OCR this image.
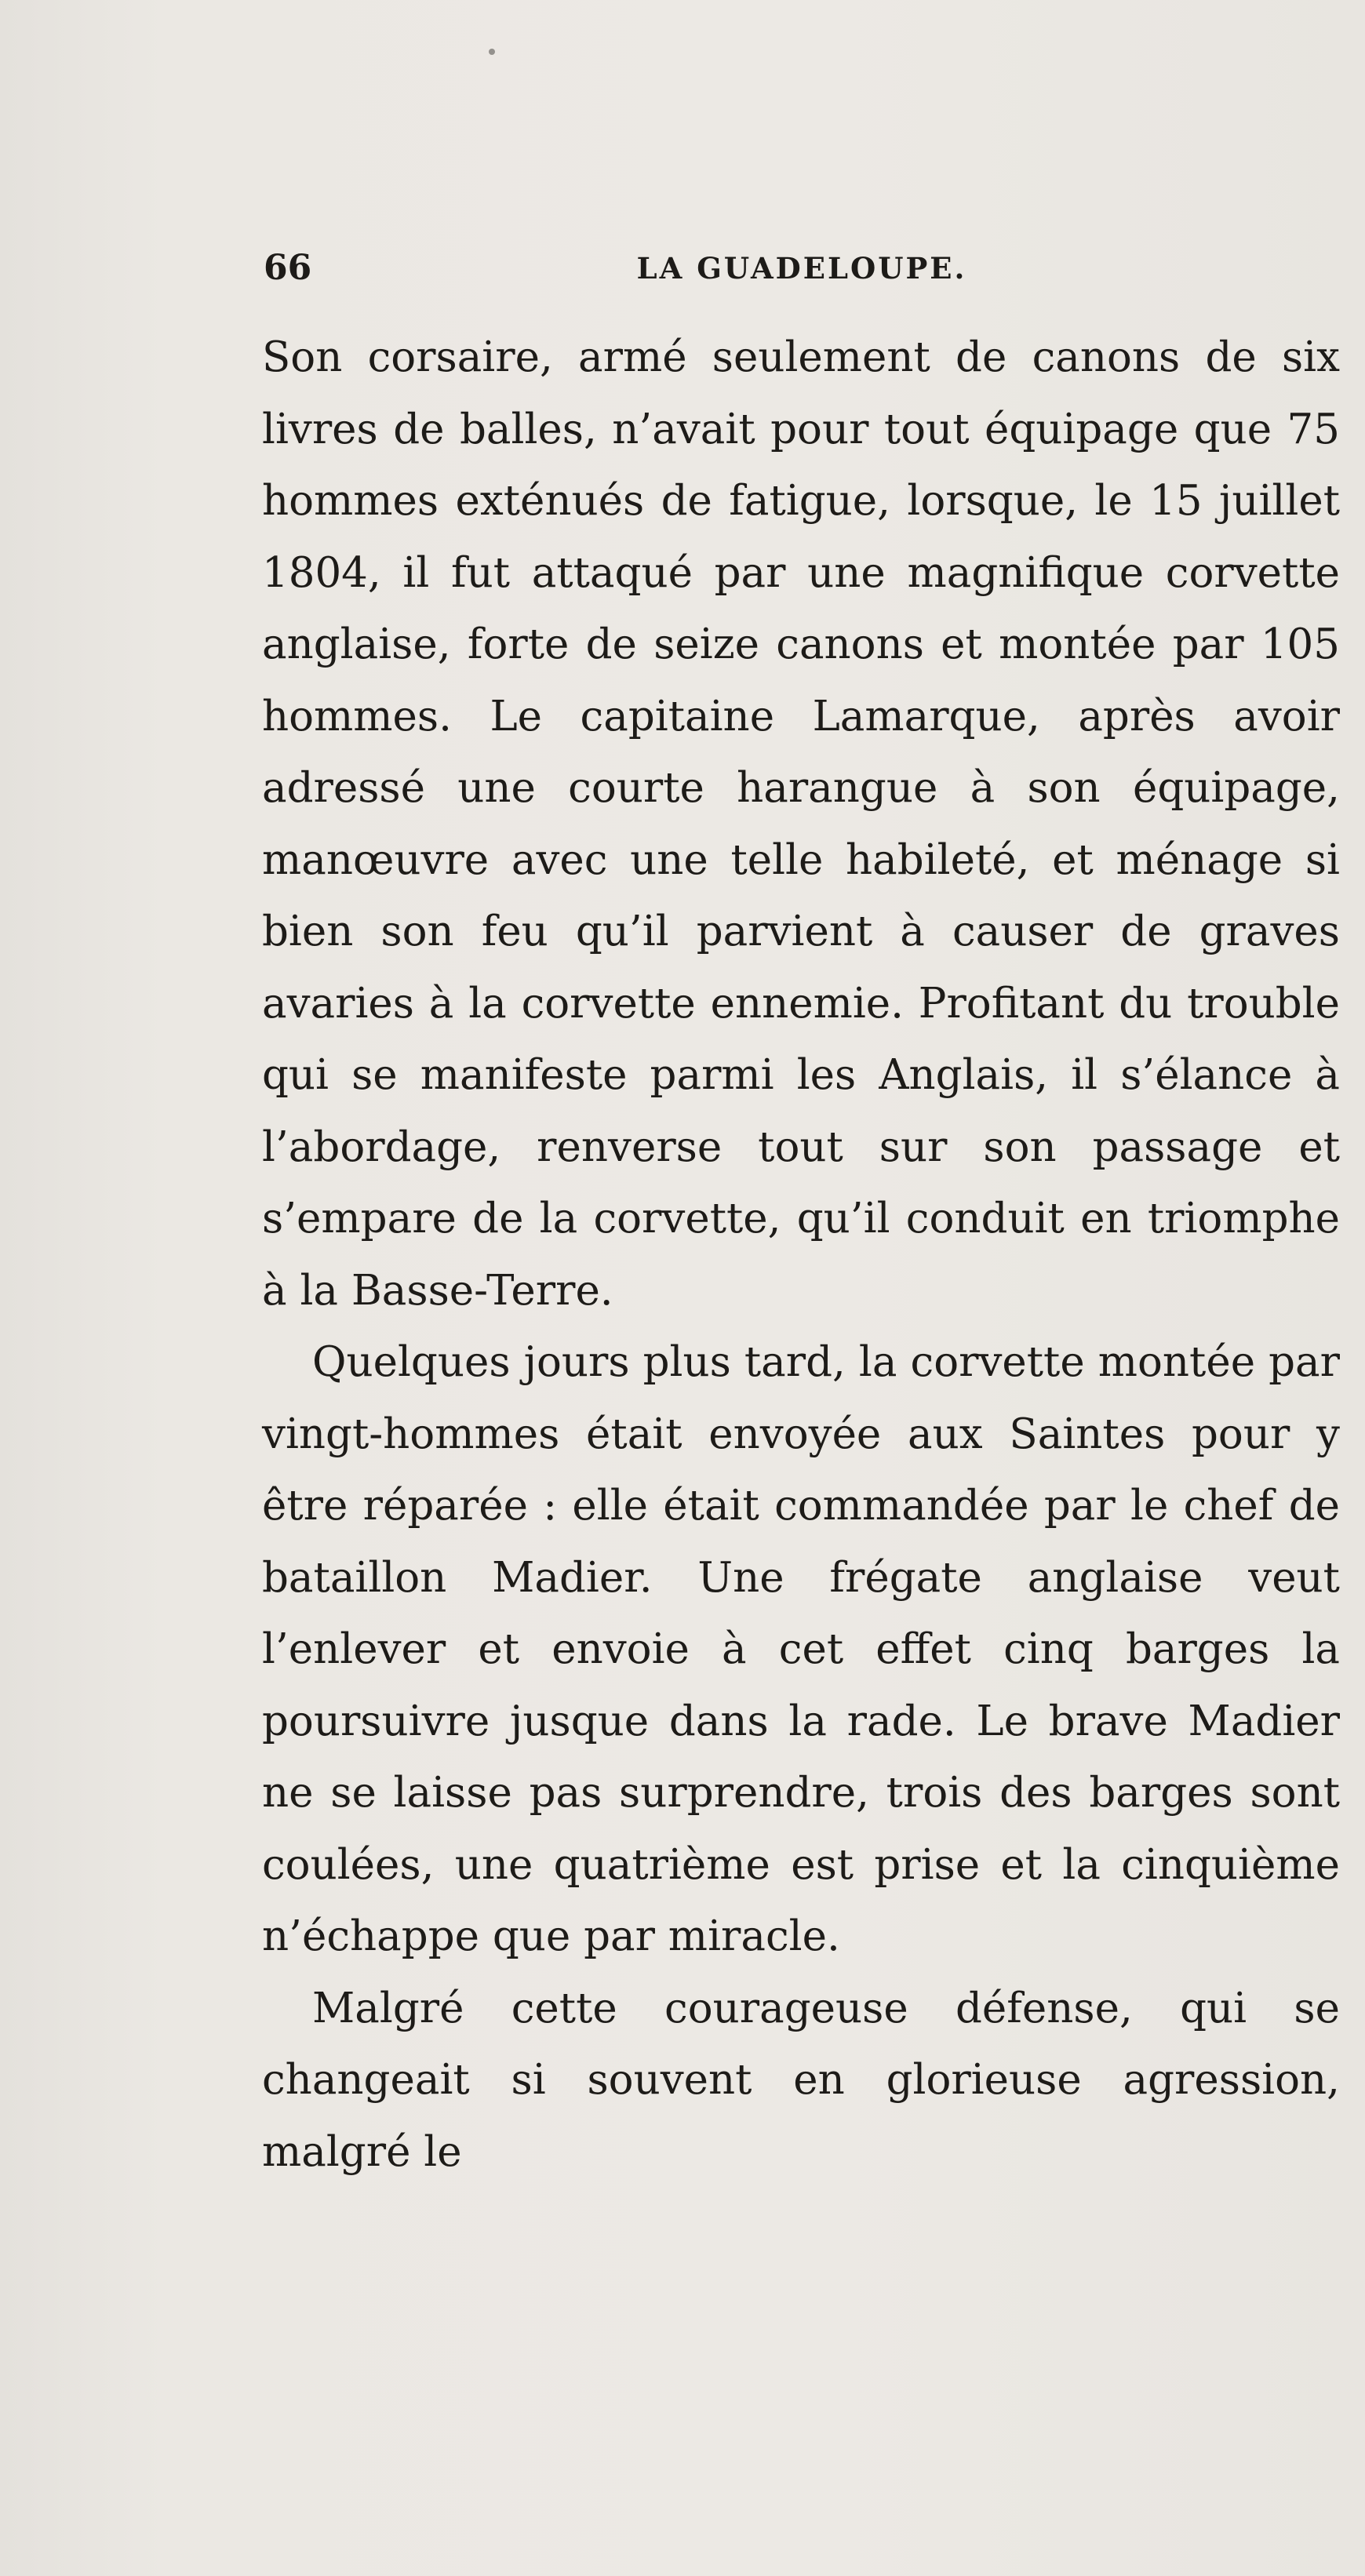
66	LA GUADELOUPE.

Son corsaire, armé seulement de canons de six livres de balles, n’avait pour tout équipage que 75 hommes exténués de fatigue, lorsque, le 15 juillet 1804, il fut attaqué par une magnifique corvette anglaise, forte de seize canons et montée par 105 hommes. Le capitaine Lamarque, après avoir adressé une courte harangue à son équipage, manœuvre avec une telle habileté, et ménage si bien son feu qu’il parvient à causer de graves avaries à la corvette ennemie. Profitant du trouble qui se manifeste parmi les Anglais, il s’élance à l’abordage, renverse tout sur son passage et s’empare de la corvette, qu’il conduit en triomphe à la Basse-Terre.

Quelques jours plus tard, la corvette montée par vingt-hommes était envoyée aux Saintes pour y être réparée : elle était commandée par le chef de bataillon Madier. Une frégate anglaise veut l’enlever et envoie à cet effet cinq barges la poursuivre jusque dans la rade. Le brave Madier ne se laisse pas surprendre, trois des barges sont coulées, une quatrième est prise et la cinquième n’échappe que par miracle.

Malgré cette courageuse défense, qui se changeait si souvent en glorieuse agression, malgré le
